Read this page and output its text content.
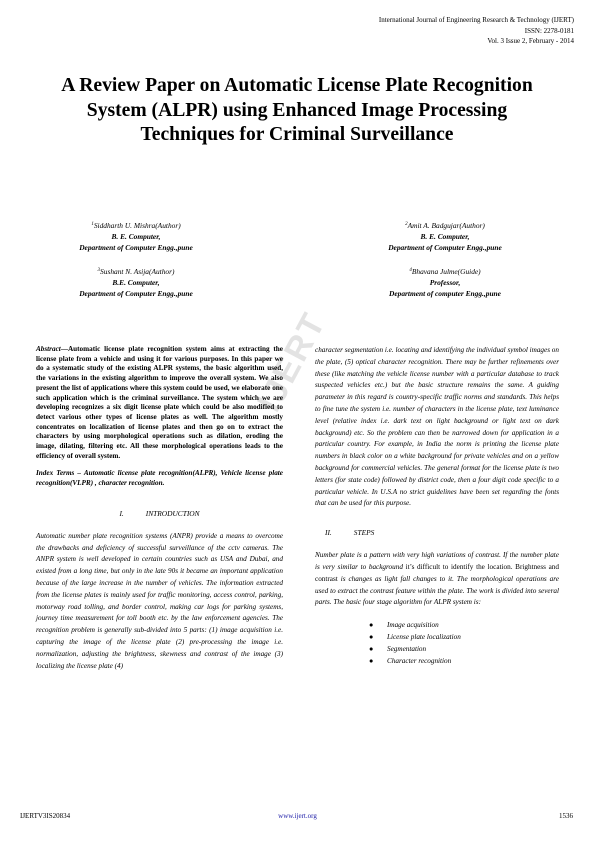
International Journal of Engineering Research & Technology (IJERT)
ISSN: 2278-0181
Vol. 3 Issue 2, February - 2014
A Review Paper on Automatic License Plate Recognition System (ALPR) using Enhanced Image Processing Techniques for Criminal Surveillance
$^1$Siddharth U. Mishra(Author)
B. E. Computer,
Department of Computer Engg.,pune
$^2$Amit A. Badgujar(Author)
B. E. Computer,
Department of Computer Engg.,pune
$^3$Sushant N. Asija(Author)
B.E. Computer,
Department of Computer Engg.,pune
$^4$Bhavana Julme(Guide)
Professor,
Department of computer Engg.,pune

Abstract—Automatic license plate recognition system aims at extracting the license plate from a vehicle and using it for various purposes. In this paper we do a systematic study of the existing ALPR systems, the basic algorithm used, the variations in the existing algorithm to improve the overall system. We also present the list of applications where this system could be used, we elaborate one such application which is the criminal surveillance. The system which we are developing recognizes a six digit license plate which could be also modified to detect various other types of license plates as well. The algorithm mostly concentrates on localization of license plates and then go on to extract the characters by using morphological operations such as dilation, eroding the image, dilating, filtering etc. All these morphological operations leads to the efficiency of overall system.

Index Terms – Automatic license plate recognition(ALPR), Vehicle license plate recognition(VLPR) , character recognition.

I.	INTRODUCTION

Automatic number plate recognition systems (ANPR) provide a means to overcome the drawbacks and deficiency of successful surveillance of the cctv cameras. The ANPR system is well developed in certain countries such as USA and Dubai, and existed from a long time, but only in the late 90s it became an important application because of the large increase in the number of vehicles. The information extracted from the license plates is mainly used for traffic monitoring, access control, parking, motorway road tolling, and border control, making car logs for parking systems, journey time measurement for toll booth etc. by the law enforcement agencies. The recognition problem is generally sub-divided into 5 parts: (1) image acquisition i.e. capturing the image of the license plate (2) pre-processing the image i.e. normalization, adjusting the brightness, skewness and contrast of the image (3) localizing the license plate (4)

character segmentation i.e. locating and identifying the individual symbol images on the plate, (5) optical character recognition. There may be further refinements over these (like matching the vehicle license number with a particular database to track suspected vehicles etc.) but the basic structure remains the same. A guiding parameter in this regard is country-specific traffic norms and standards. This helps to fine tune the system i.e. number of characters in the license plate, text luminance level (relative index i.e. dark text on light background or light text on dark background) etc. So the problem can then be narrowed down for application in a particular country. For example, in India the norm is printing the license plate numbers in black color on a white background for private vehicles and on a yellow background for commercial vehicles. The general format for the license plate is two letters (for state code) followed by district code, then a four digit code specific to a particular vehicle. In U.S.A no strict guidelines have been set regarding the fonts that can be used for this purpose.

II.	STEPS

Number plate is a pattern with very high variations of contrast. If the number plate is very similar to background it’s difficult to identify the location. Brightness and contrast is changes as light fall changes to it. The morphological operations are used to extract the contrast feature within the plate. The work is divided into several parts. The basic four stage algorithm for ALPR system is:

● Image acquisition
● License plate localization
● Segmentation
● Character recognition
IJERT
IJERTV3IS20834	www.ijert.org	1536
